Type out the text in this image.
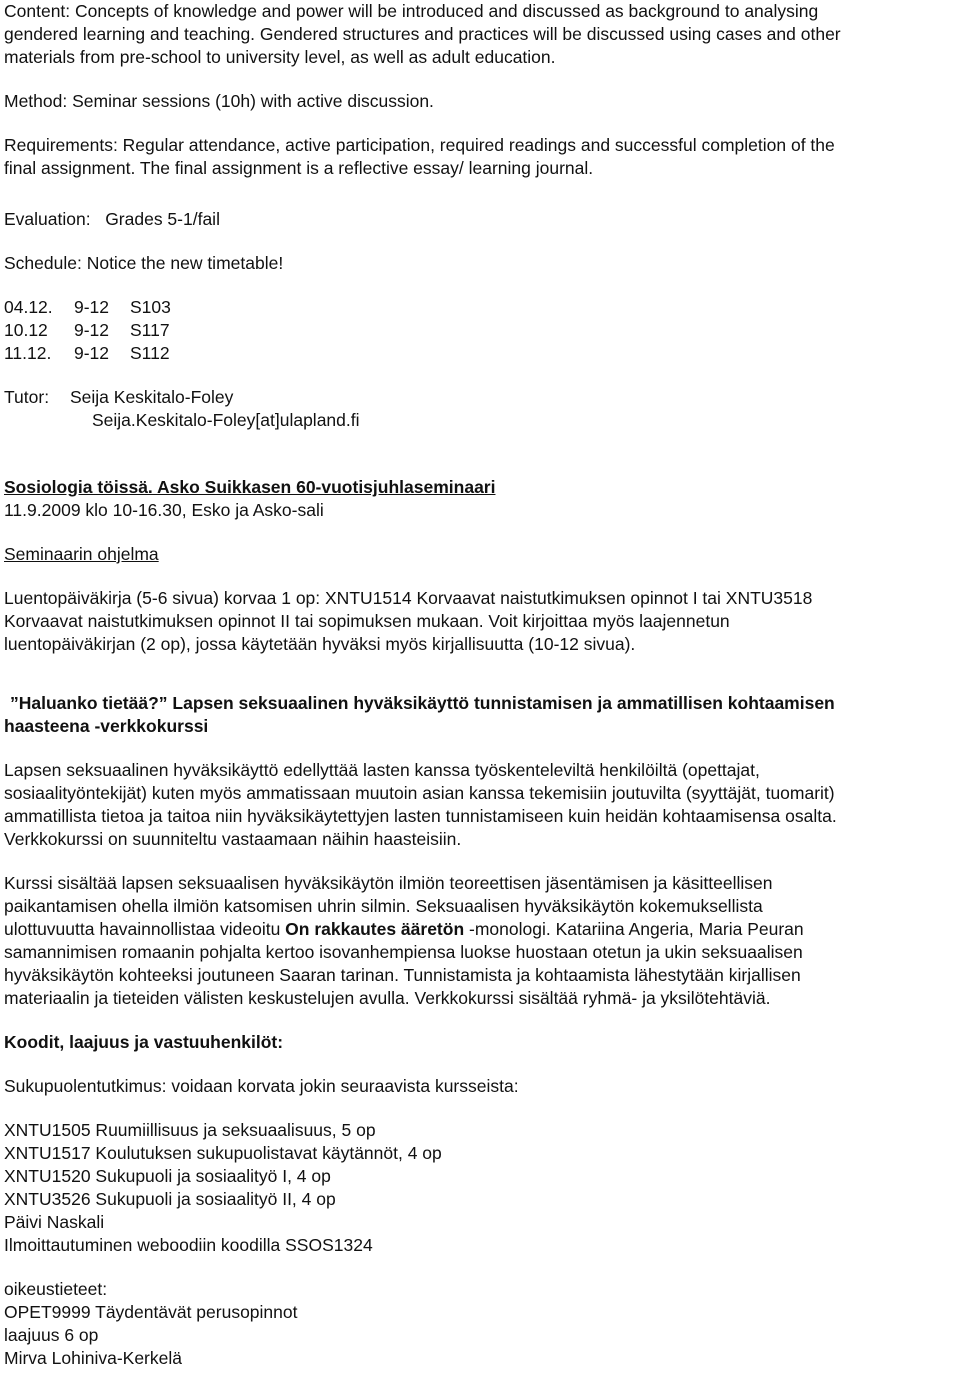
Content: Concepts of knowledge and power will be introduced and discussed as background to analysing

gendered learning and teaching. Gendered structures and practices will be discussed using cases and other

materials from pre-school to university level, as well as adult education.

Method: Seminar sessions (10h) with active discussion.

Requirements: Regular attendance, active participation, required readings and successful completion of the

final assignment. The final assignment is a reflective essay/ learning journal.

Evaluation: Grades 5-1/fail

Schedule: Notice the new timetable!

04.12. 9-12 S103

10.12 9-12 S117

11.12. 9-12 S112

Tutor: Seija Keskitalo-Foley

Seija.Keskitalo-Foley[at]ulapland.fi

Sosiologia töissä. Asko Suikkasen 60-vuotisjuhlaseminaari

11.9.2009 klo 10-16.30, Esko ja Asko-sali

Seminaarin ohjelma

Luentopäiväkirja (5-6 sivua) korvaa 1 op: XNTU1514 Korvaavat naistutkimuksen opinnot I tai XNTU3518

Korvaavat naistutkimuksen opinnot II tai sopimuksen mukaan. Voit kirjoittaa myös laajennetun

luentopäiväkirjan (2 op), jossa käytetään hyväksi myös kirjallisuutta (10-12 sivua).

”Haluanko tietää?” Lapsen seksuaalinen hyväksikäyttö tunnistamisen ja ammatillisen kohtaamisen

haasteena -verkkokurssi

Lapsen seksuaalinen hyväksikäyttö edellyttää lasten kanssa työskenteleviltä henkilöiltä (opettajat,

sosiaalityöntekijät) kuten myös ammatissaan muutoin asian kanssa tekemisiin joutuvilta (syyttäjät, tuomarit)

ammatillista tietoa ja taitoa niin hyväksikäytettyjen lasten tunnistamiseen kuin heidän kohtaamisensa osalta.

Verkkokurssi on suunniteltu vastaamaan näihin haasteisiin.

Kurssi sisältää lapsen seksuaalisen hyväksikäytön ilmiön teoreettisen jäsentämisen ja käsitteellisen

paikantamisen ohella ilmiön katsomisen uhrin silmin. Seksuaalisen hyväksikäytön kokemuksellista

ulottuvuutta havainnollistaa videoitu On rakkautes ääretön -monologi. Katariina Angeria, Maria Peuran

samannimisen romaanin pohjalta kertoo isovanhempiensa luokse huostaan otetun ja ukin seksuaalisen

hyväksikäytön kohteeksi joutuneen Saaran tarinan. Tunnistamista ja kohtaamista lähestytään kirjallisen

materiaalin ja tieteiden välisten keskustelujen avulla. Verkkokurssi sisältää ryhmä- ja yksilötehtäviä.

Koodit, laajuus ja vastuuhenkilöt:

Sukupuolentutkimus: voidaan korvata jokin seuraavista kursseista:

XNTU1505 Ruumiillisuus ja seksuaalisuus, 5 op

XNTU1517 Koulutuksen sukupuolistavat käytännöt, 4 op

XNTU1520 Sukupuoli ja sosiaalityö I, 4 op

XNTU3526 Sukupuoli ja sosiaalityö II, 4 op

Päivi Naskali

Ilmoittautuminen weboodiin koodilla SSOS1324

oikeustieteet:

OPET9999 Täydentävät perusopinnot

laajuus 6 op

Mirva Lohiniva-Kerkelä
